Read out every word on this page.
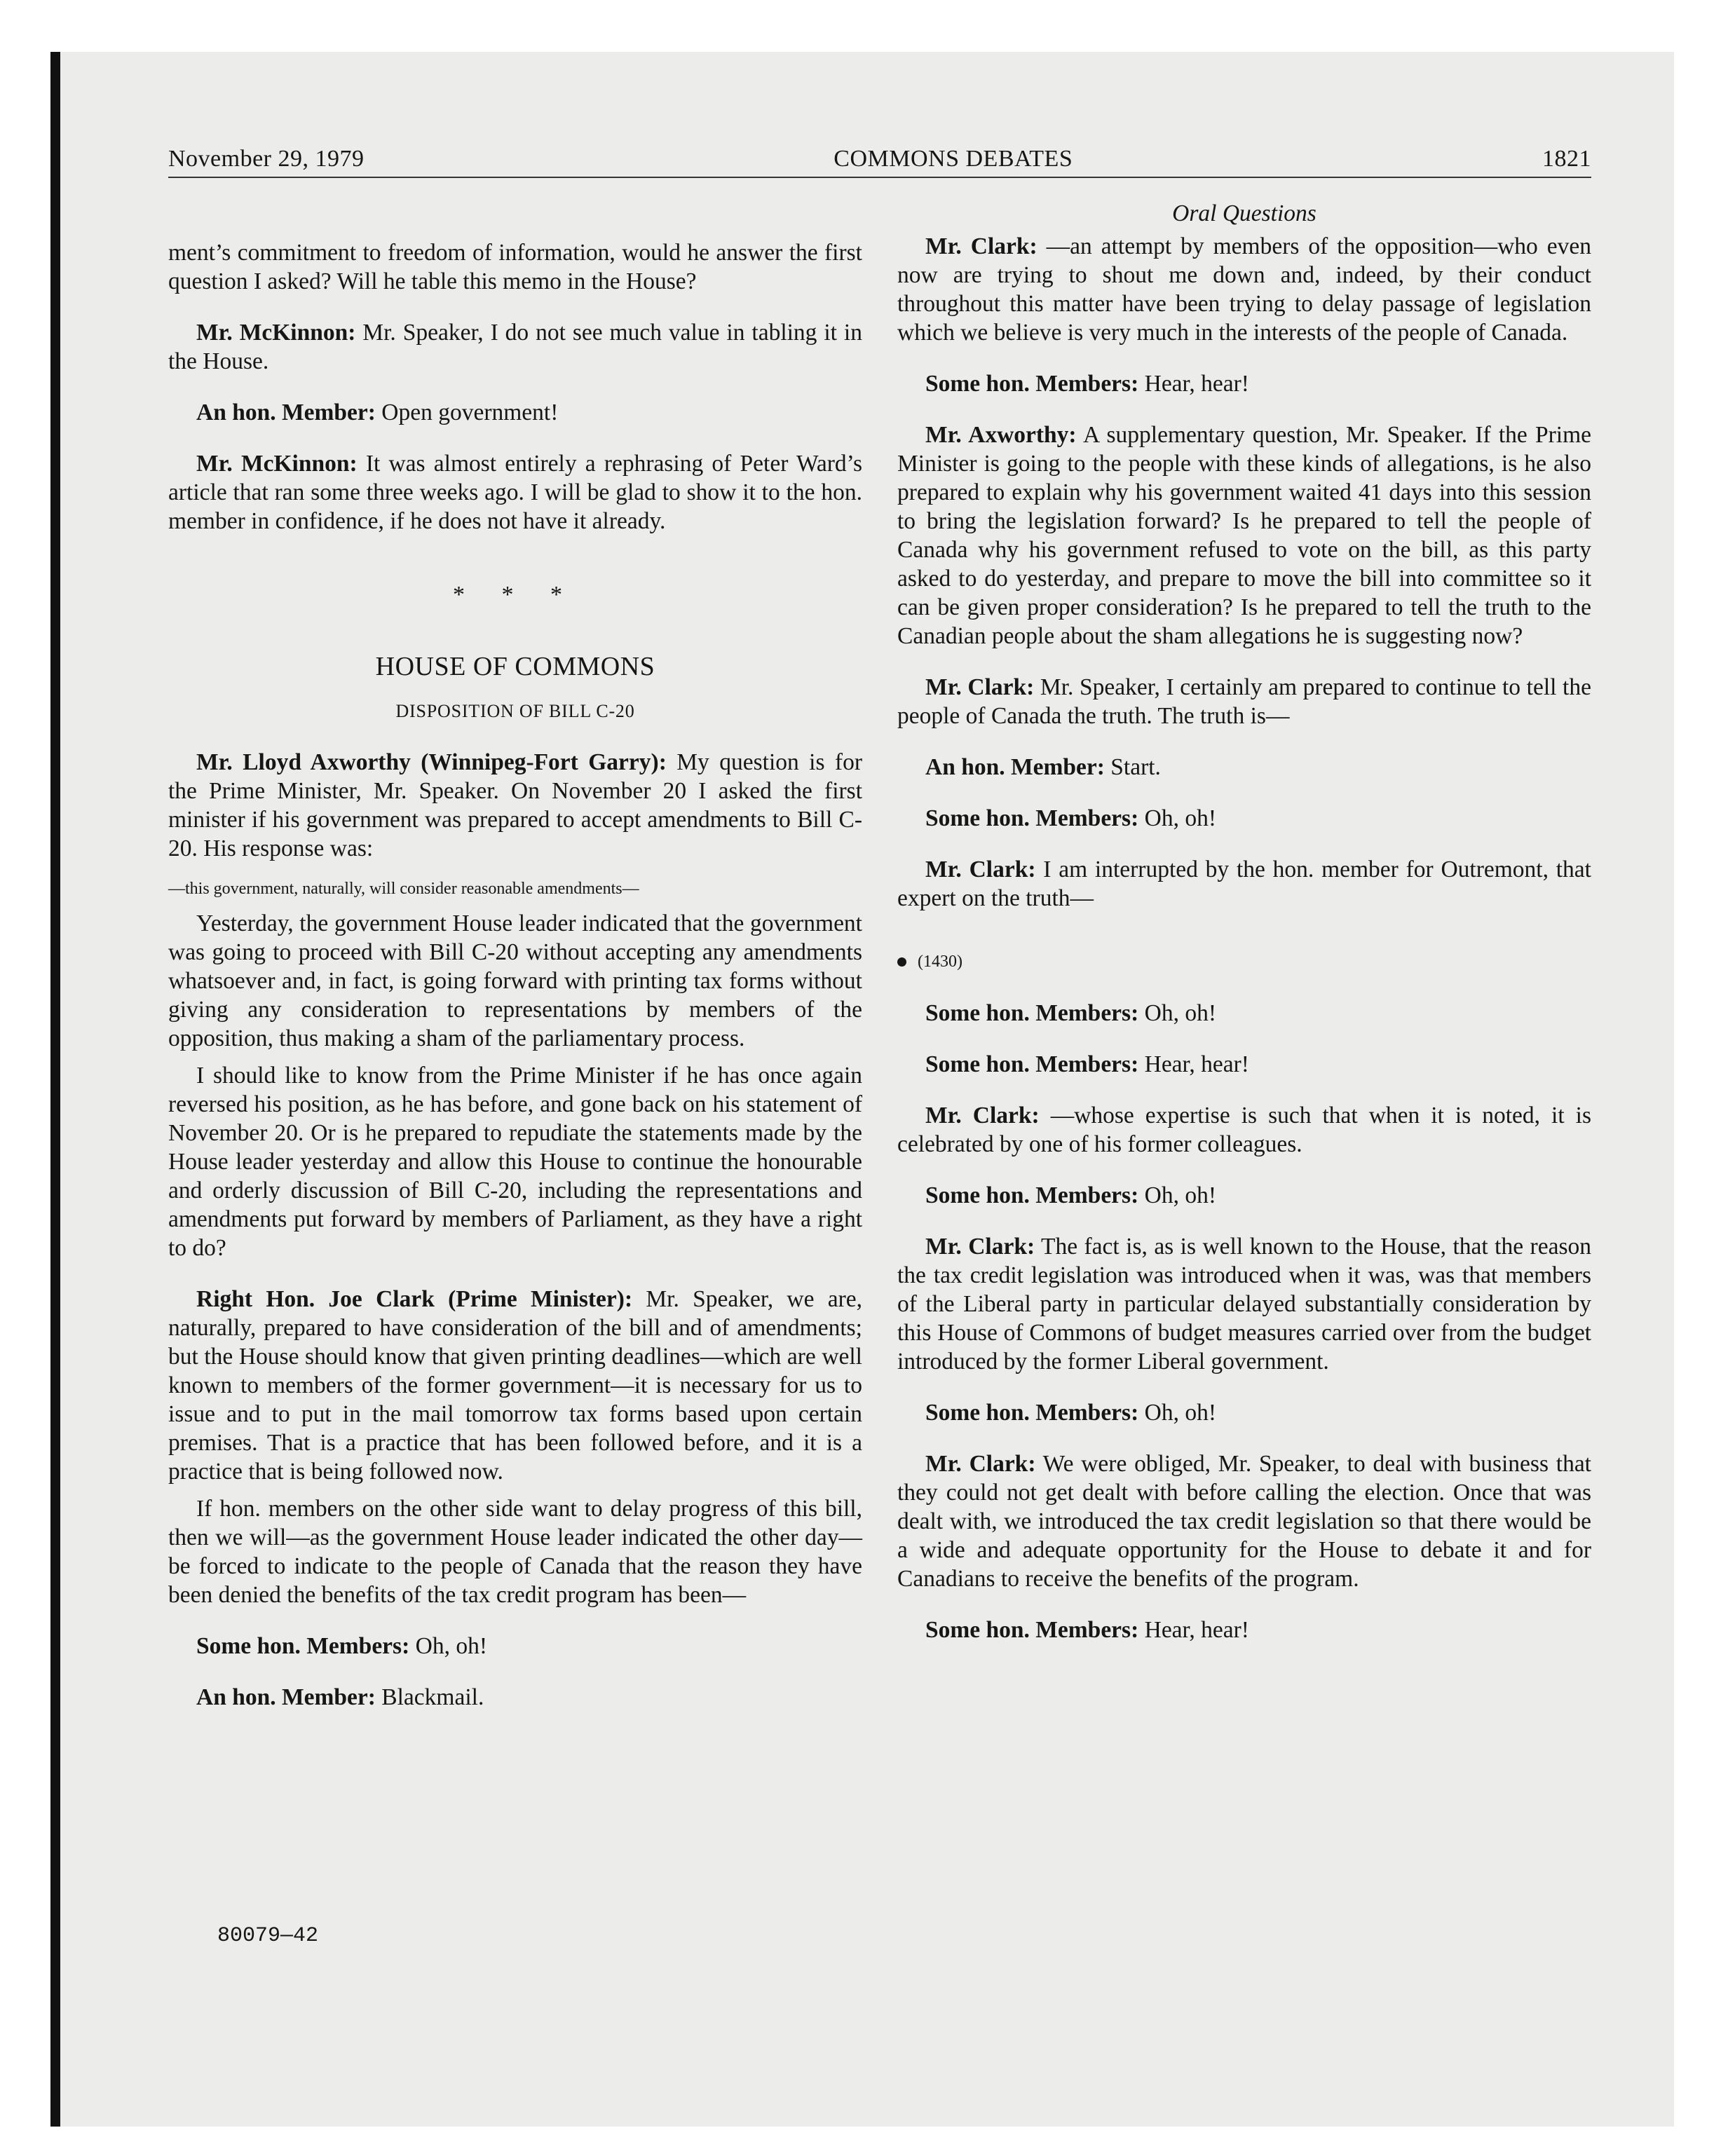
November 29, 1979	COMMONS DEBATES	1821

ment’s commitment to freedom of information, would he answer the first question I asked? Will he table this memo in the House?

Mr. McKinnon: Mr. Speaker, I do not see much value in tabling it in the House.

An hon. Member: Open government!

Mr. McKinnon: It was almost entirely a rephrasing of Peter Ward’s article that ran some three weeks ago. I will be glad to show it to the hon. member in confidence, if he does not have it already.

* * *

HOUSE OF COMMONS

DISPOSITION OF BILL C-20

Mr. Lloyd Axworthy (Winnipeg-Fort Garry): My question is for the Prime Minister, Mr. Speaker. On November 20 I asked the first minister if his government was prepared to accept amendments to Bill C-20. His response was:

—this government, naturally, will consider reasonable amendments—

Yesterday, the government House leader indicated that the government was going to proceed with Bill C-20 without accepting any amendments whatsoever and, in fact, is going forward with printing tax forms without giving any consideration to representations by members of the opposition, thus making a sham of the parliamentary process.

I should like to know from the Prime Minister if he has once again reversed his position, as he has before, and gone back on his statement of November 20. Or is he prepared to repudiate the statements made by the House leader yesterday and allow this House to continue the honourable and orderly discussion of Bill C-20, including the representations and amendments put forward by members of Parliament, as they have a right to do?

Right Hon. Joe Clark (Prime Minister): Mr. Speaker, we are, naturally, prepared to have consideration of the bill and of amendments; but the House should know that given printing deadlines—which are well known to members of the former government—it is necessary for us to issue and to put in the mail tomorrow tax forms based upon certain premises. That is a practice that has been followed before, and it is a practice that is being followed now.

If hon. members on the other side want to delay progress of this bill, then we will—as the government House leader indicated the other day—be forced to indicate to the people of Canada that the reason they have been denied the benefits of the tax credit program has been—

Some hon. Members: Oh, oh!

An hon. Member: Blackmail.

Oral Questions

Mr. Clark: —an attempt by members of the opposition—who even now are trying to shout me down and, indeed, by their conduct throughout this matter have been trying to delay passage of legislation which we believe is very much in the interests of the people of Canada.

Some hon. Members: Hear, hear!

Mr. Axworthy: A supplementary question, Mr. Speaker. If the Prime Minister is going to the people with these kinds of allegations, is he also prepared to explain why his government waited 41 days into this session to bring the legislation forward? Is he prepared to tell the people of Canada why his government refused to vote on the bill, as this party asked to do yesterday, and prepare to move the bill into committee so it can be given proper consideration? Is he prepared to tell the truth to the Canadian people about the sham allegations he is suggesting now?

Mr. Clark: Mr. Speaker, I certainly am prepared to continue to tell the people of Canada the truth. The truth is—

An hon. Member: Start.

Some hon. Members: Oh, oh!

Mr. Clark: I am interrupted by the hon. member for Outremont, that expert on the truth—

(1430)

Some hon. Members: Oh, oh!

Some hon. Members: Hear, hear!

Mr. Clark: —whose expertise is such that when it is noted, it is celebrated by one of his former colleagues.

Some hon. Members: Oh, oh!

Mr. Clark: The fact is, as is well known to the House, that the reason the tax credit legislation was introduced when it was, was that members of the Liberal party in particular delayed substantially consideration by this House of Commons of budget measures carried over from the budget introduced by the former Liberal government.

Some hon. Members: Oh, oh!

Mr. Clark: We were obliged, Mr. Speaker, to deal with business that they could not get dealt with before calling the election. Once that was dealt with, we introduced the tax credit legislation so that there would be a wide and adequate opportunity for the House to debate it and for Canadians to receive the benefits of the program.

Some hon. Members: Hear, hear!

80079—42
